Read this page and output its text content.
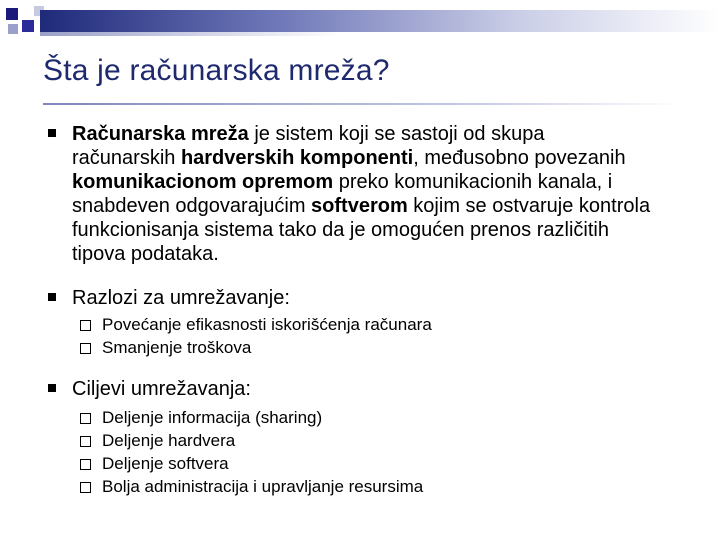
Šta je računarska mreža?
Računarska mreža je sistem koji se sastoji od skupa računarskih hardverskih komponenti, međusobno povezanih komunikacionom opremom preko komunikacionih kanala, i snabdeven odgovarajućim softverom kojim se ostvaruje kontrola funkcionisanja sistema tako da je omogućen prenos različitih tipova podataka.
Razlozi za umrežavanje:
Povećanje efikasnosti iskorišćenja računara
Smanjenje troškova
Ciljevi umrežavanja:
Deljenje informacija (sharing)
Deljenje hardvera
Deljenje softvera
Bolja administracija i upravljanje resursima
